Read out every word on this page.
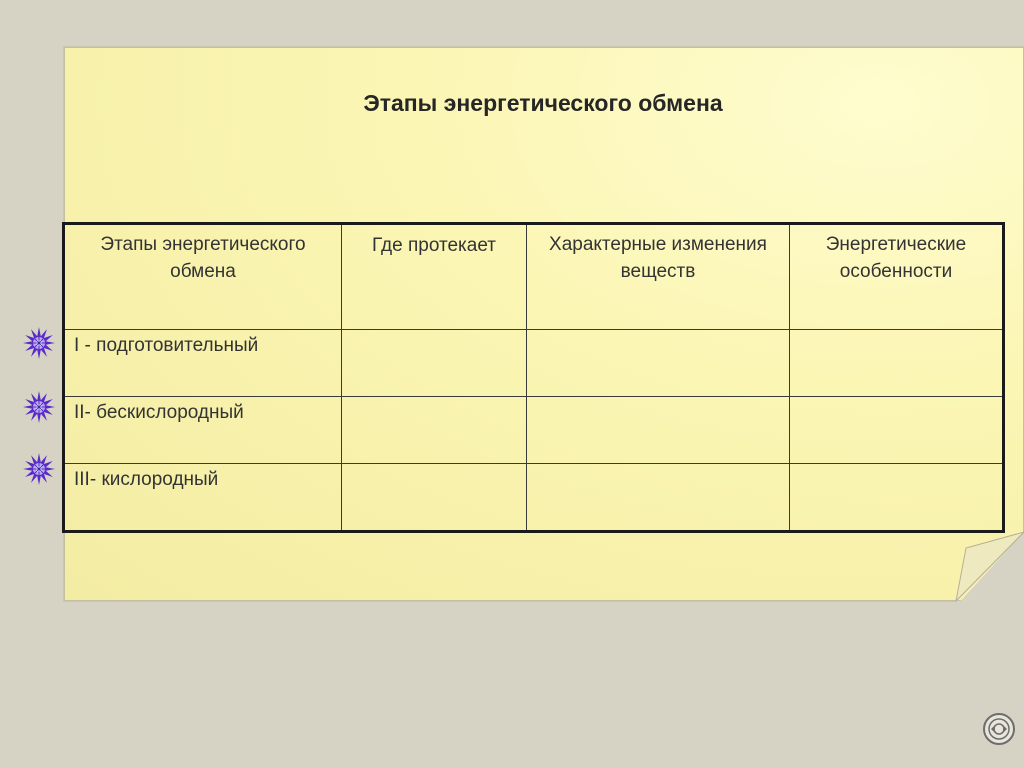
Этапы энергетического обмена
Этапы энергетического обмена	Где протекает	Характерные изменения веществ	Энергетические особенности
I - подготовительный			
II- бескислородный			
III- кислородный			
